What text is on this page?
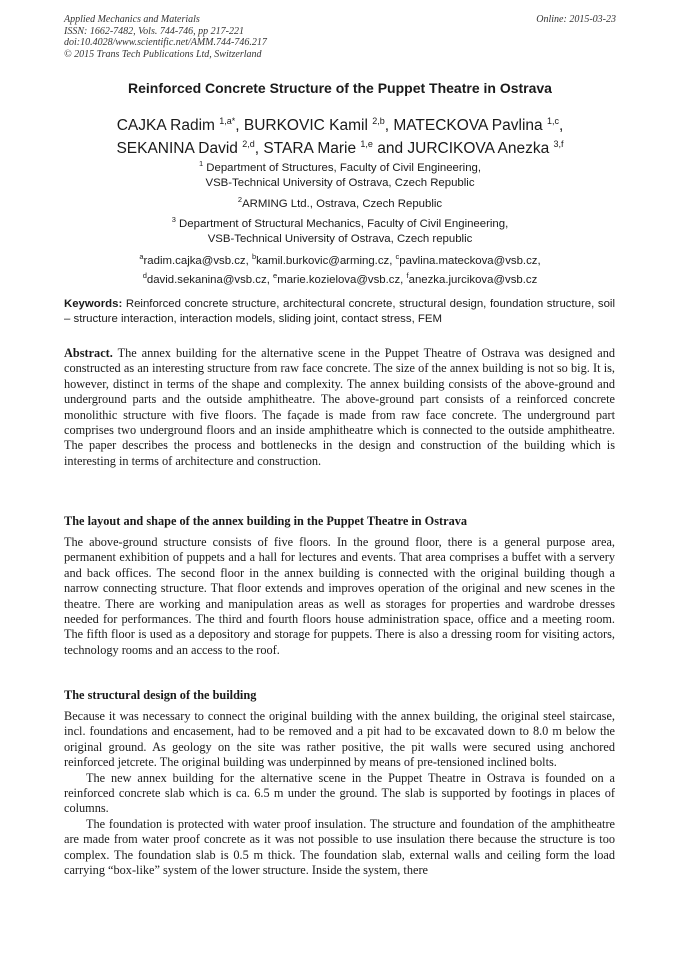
Applied Mechanics and Materials
ISSN: 1662-7482, Vols. 744-746, pp 217-221
doi:10.4028/www.scientific.net/AMM.744-746.217
© 2015 Trans Tech Publications Ltd, Switzerland
Online: 2015-03-23
Reinforced Concrete Structure of the Puppet Theatre in Ostrava
CAJKA Radim $^{1,a*}$, BURKOVIC Kamil $^{2,b}$, MATECKOVA Pavlina $^{1,c}$,
SEKANINA David $^{2,d}$, STARA Marie $^{1,e}$ and JURCIKOVA Anezka $^{3,f}$
$^1$ Department of Structures, Faculty of Civil Engineering,
VSB-Technical University of Ostrava, Czech Republic
$^2$ARMING Ltd., Ostrava, Czech Republic
$^3$ Department of Structural Mechanics, Faculty of Civil Engineering,
VSB-Technical University of Ostrava, Czech republic
$^a$radim.cajka@vsb.cz, $^b$kamil.burkovic@arming.cz, $^c$pavlina.mateckova@vsb.cz,
$^d$david.sekanina@vsb.cz, $^e$marie.kozielova@vsb.cz, $^f$anezka.jurcikova@vsb.cz
Keywords: Reinforced concrete structure, architectural concrete, structural design, foundation structure, soil – structure interaction, interaction models, sliding joint, contact stress, FEM

Abstract. The annex building for the alternative scene in the Puppet Theatre of Ostrava was designed and constructed as an interesting structure from raw face concrete. The size of the annex building is not so big. It is, however, distinct in terms of the shape and complexity. The annex building consists of the above-ground and underground parts and the outside amphitheatre. The above-ground part consists of a reinforced concrete monolithic structure with five floors. The façade is made from raw face concrete. The underground part comprises two underground floors and an inside amphitheatre which is connected to the outside amphitheatre. The paper describes the process and bottlenecks in the design and construction of the building which is interesting in terms of architecture and construction.

The layout and shape of the annex building in the Puppet Theatre in Ostrava

The above-ground structure consists of five floors. In the ground floor, there is a general purpose area, permanent exhibition of puppets and a hall for lectures and events. That area comprises a buffet with a servery and back offices. The second floor in the annex building is connected with the original building though a narrow connecting structure. That floor extends and improves operation of the original and new scenes in the theatre. There are working and manipulation areas as well as storages for properties and wardrobe dresses needed for performances. The third and fourth floors house administration space, office and a meeting room. The fifth floor is used as a depository and storage for puppets. There is also a dressing room for visiting actors, technology rooms and an access to the roof.

The structural design of the building

Because it was necessary to connect the original building with the annex building, the original steel staircase, incl. foundations and encasement, had to be removed and a pit had to be excavated down to 8.0 m below the original ground. As geology on the site was rather positive, the pit walls were secured using anchored reinforced jetcrete. The original building was underpinned by means of pre-tensioned inclined bolts.

The new annex building for the alternative scene in the Puppet Theatre in Ostrava is founded on a reinforced concrete slab which is ca. 6.5 m under the ground. The slab is supported by footings in places of columns.

The foundation is protected with water proof insulation. The structure and foundation of the amphitheatre are made from water proof concrete as it was not possible to use insulation there because the structure is too complex. The foundation slab is 0.5 m thick. The foundation slab, external walls and ceiling form the load carrying “box-like” system of the lower structure. Inside the system, there
